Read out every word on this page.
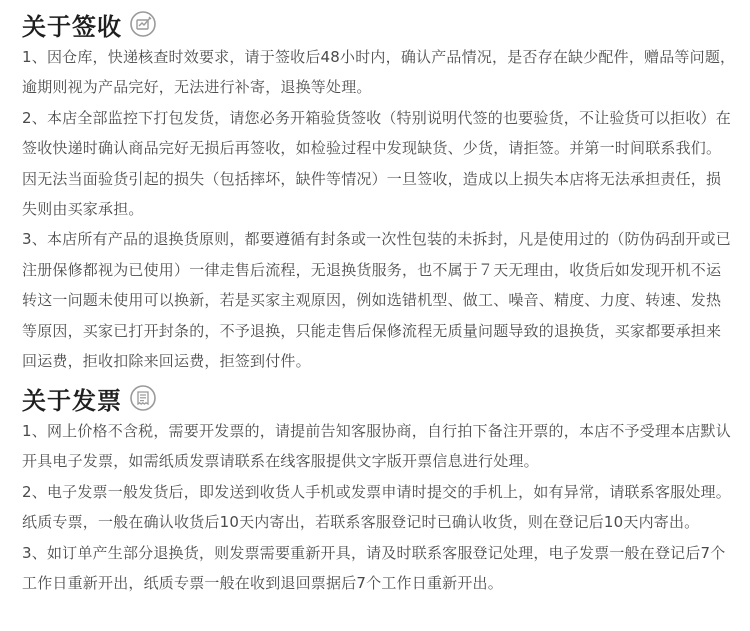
关于签收

1、因仓库，快递核查时效要求，请于签收后48小时内，确认产品情况，是否存在缺少配件，赠品等问题，逾期则视为产品完好，无法进行补寄，退换等处理。

2、本店全部监控下打包发货，请您必务开箱验货签收（特别说明代签的也要验货，不让验货可以拒收）在签收快递时确认商品完好无损后再签收，如检验过程中发现缺货、少货，请拒签。并第一时间联系我们。因无法当面验货引起的损失（包括摔坏，缺件等情况）一旦签收，造成以上损失本店将无法承担责任，损失则由买家承担。

3、本店所有产品的退换货原则，都要遵循有封条或一次性包装的未拆封，凡是使用过的（防伪码刮开或已注册保修都视为已使用）一律走售后流程，无退换货服务，也不属于７天无理由，收货后如发现开机不运转这一问题未使用可以换新，若是买家主观原因，例如选错机型、做工、噪音、精度、力度、转速、发热等原因，买家已打开封条的，不予退换，只能走售后保修流程无质量问题导致的退换货，买家都要承担来回运费，拒收扣除来回运费，拒签到付件。

关于发票

1、网上价格不含税，需要开发票的，请提前告知客服协商，自行拍下备注开票的，本店不予受理本店默认开具电子发票，如需纸质发票请联系在线客服提供文字版开票信息进行处理。

2、电子发票一般发货后，即发送到收货人手机或发票申请时提交的手机上，如有异常，请联系客服处理。纸质专票，一般在确认收货后10天内寄出，若联系客服登记时已确认收货，则在登记后10天内寄出。

3、如订单产生部分退换货，则发票需要重新开具，请及时联系客服登记处理，电子发票一般在登记后7个工作日重新开出，纸质专票一般在收到退回票据后7个工作日重新开出。
